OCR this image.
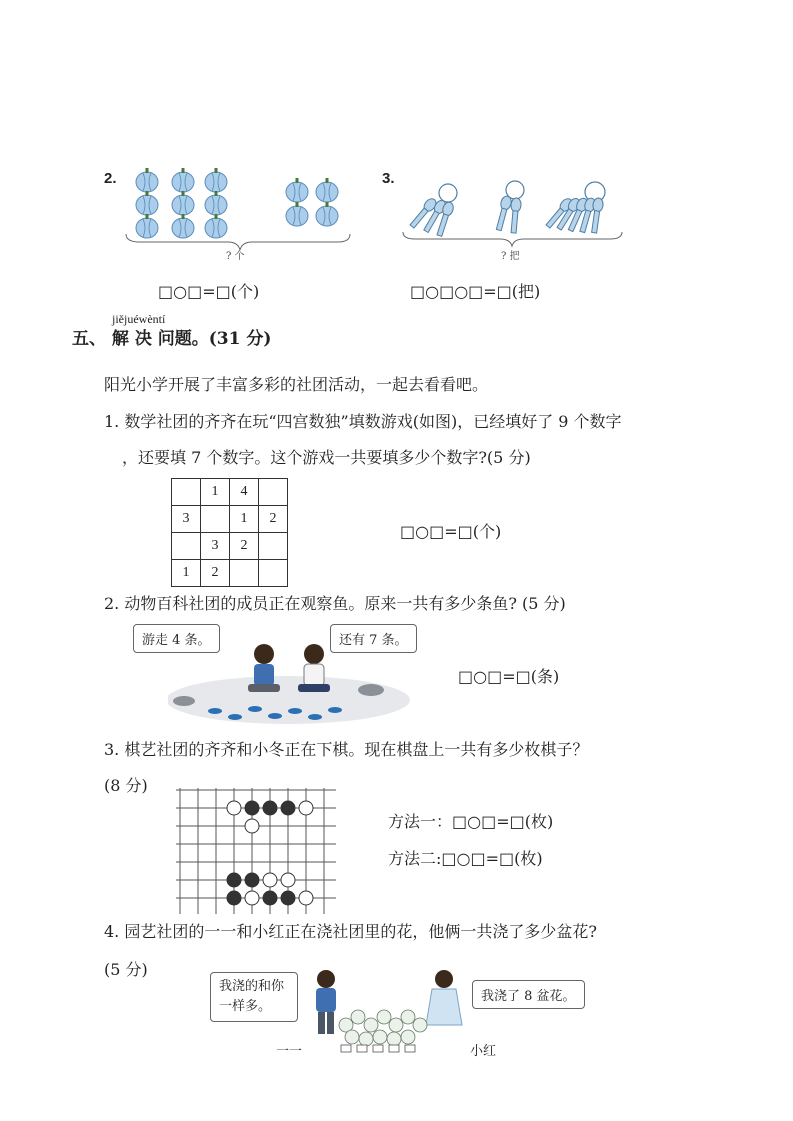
2.
? 个
□○□=□(个)
3.
? 把
□○□○□=□(把)
jiějuéwèntí
五、 解 决 问题。(31 分)
阳光小学开展了丰富多彩的社团活动，一起去看看吧。
1. 数学社团的齐齐在玩“四宫数独”填数游戏(如图)，已经填好了 9 个数字
，还要填 7 个数字。这个游戏一共要填多少个数字?(5 分)
	1	4	
3		1	2
	3	2	
1	2		
□○□=□(个)
2. 动物百科社团的成员正在观察鱼。原来一共有多少条鱼? (5 分)
游走 4 条。	还有 7 条。
□○□=□(条)
3. 棋艺社团的齐齐和小冬正在下棋。现在棋盘上一共有多少枚棋子？
(8 分)
方法一：□○□=□(枚)
方法二:□○□=□(枚)
4. 园艺社团的一一和小红正在浇社团里的花，他俩一共浇了多少盆花?
(5 分)
我浇的和你一样多。
我浇了 8 盆花。
一一	小红
